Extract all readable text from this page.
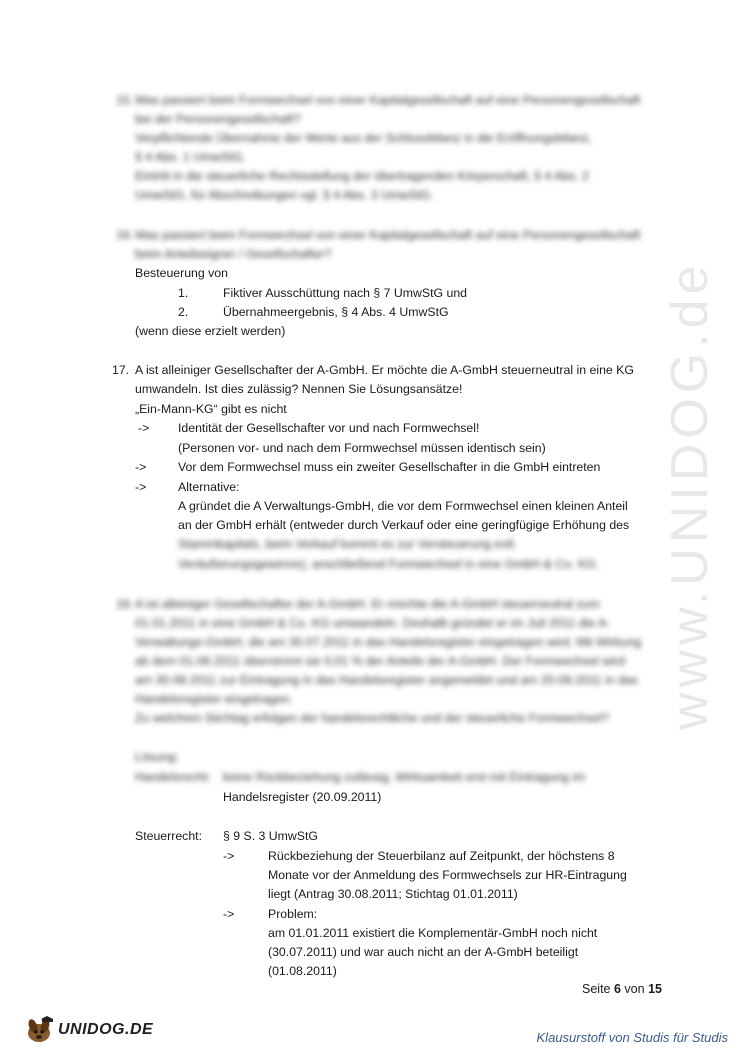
www.UNIDOG.de
15. Was passiert beim Formwechsel von einer Kapitalgesellschaft auf eine Personengesellschaft
bei der Personengesellschaft?
Verpflichtende Übernahme der Werte aus der Schlussbilanz in die Eröffnungsbilanz,
§ 4 Abs. 1 UmwStG.
Eintritt in die steuerliche Rechtsstellung der übertragenden Körperschaft, § 4 Abs. 2
UmwStG, für Abschreibungen vgl. § 4 Abs. 3 UmwStG.
16. Was passiert beim Formwechsel von einer Kapitalgesellschaft auf eine Personengesellschaft
beim Anteilseigner / Gesellschafter?
Besteuerung von
1.	Fiktiver Ausschüttung nach § 7 UmwStG und
2.	Übernahmeergebnis, § 4 Abs. 4 UmwStG
(wenn diese erzielt werden)
17. A ist alleiniger Gesellschafter der A-GmbH. Er möchte die A-GmbH steuerneutral in eine KG
umwandeln. Ist dies zulässig? Nennen Sie Lösungsansätze!
„Ein-Mann-KG“ gibt es nicht
-> Identität der Gesellschafter vor und nach Formwechsel!
(Personen vor- und nach dem Formwechsel müssen identisch sein)
->	Vor dem Formwechsel muss ein zweiter Gesellschafter in die GmbH eintreten
->	Alternative:
A gründet die A Verwaltungs-GmbH, die vor dem Formwechsel einen kleinen Anteil
an der GmbH erhält (entweder durch Verkauf oder eine geringfügige Erhöhung des
Stammkapitals, beim Verkauf kommt es zur Versteuerung evtl.
Veräußerungsgewinne), anschließend Formwechsel in eine GmbH & Co. KG.
18. A ist alleiniger Gesellschafter der A-GmbH. Er möchte die A-GmbH steuerneutral zum
01.01.2011 in eine GmbH & Co. KG umwandeln. Deshalb gründet er im Juli 2011 die A-
Verwaltungs-GmbH, die am 30.07.2011 in das Handelsregister eingetragen wird. Mit Wirkung
ab dem 01.08.2011 übernimmt sie 0,01 % der Anteile der A-GmbH. Der Formwechsel wird
am 30.08.2011 zur Eintragung in das Handelsregister angemeldet und am 20.09.2011 in das
Handelsregister eingetragen.
Zu welchem Stichtag erfolgen der handelsrechtliche und der steuerliche Formwechsel?
Lösung:
Handelsrecht: keine Rückbeziehung zulässig, Wirksamkeit erst mit Eintragung im
Handelsregister (20.09.2011)
Steuerrecht: § 9 S. 3 UmwStG
->	Rückbeziehung der Steuerbilanz auf Zeitpunkt, der höchstens 8
Monate vor der Anmeldung des Formwechsels zur HR-Eintragung
liegt (Antrag 30.08.2011; Stichtag 01.01.2011)
->	Problem:
am 01.01.2011 existiert die Komplementär-GmbH noch nicht
(30.07.2011) und war auch nicht an der A-GmbH beteiligt
(01.08.2011)
Seite 6 von 15
UNIDOG.DE	Klausurstoff von Studis für Studis
